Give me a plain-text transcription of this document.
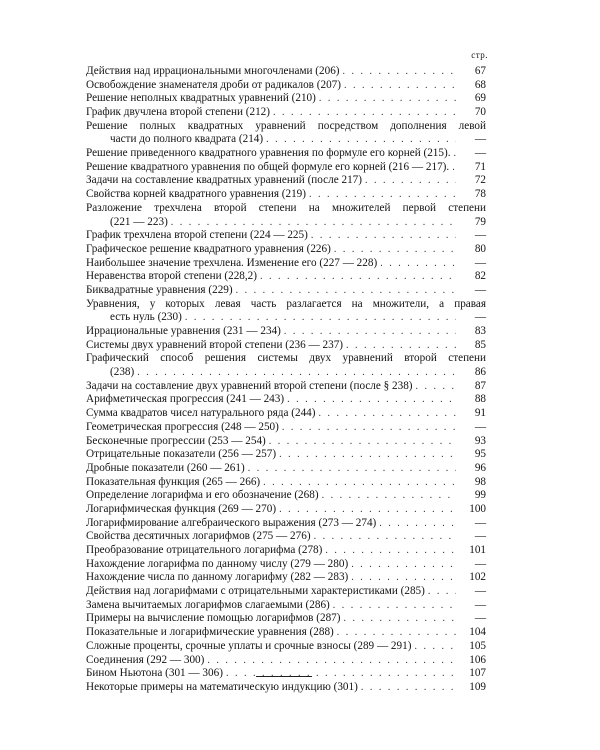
стр.
Действия над иррациональными многочленами (206) . . .	67
Освобождение знаменателя дроби от радикалов (207) . . .	68
Решение неполных квадратных уравнений (210) . . .	69
График двучлена второй степени (212) . . .	70
Решение полных квадратных уравнений посредством дополнения левой
части до полного квадрата (214) . . .	—
Решение приведенного квадратного уравнения по формуле его корней (215). . . .	—
Решение квадратного уравнения по общей формуле его корней (216 — 217). . . .	71
Задачи на составление квадратных уравнений (после 217) . . .	72
Свойства корней квадратного уравнения (219) . . .	78
Разложение трехчлена второй степени на множителей первой степени
(221 — 223) . . .	79
График трехчлена второй степени (224 — 225) . . .	—
Графическое решение квадратного уравнения (226) . . .	80
Наибольшее значение трехчлена. Изменение его (227 — 228) . . .	—
Неравенства второй степени (228,2) . . .	82
Биквадратные уравнения (229) . . .	—
Уравнения, у которых левая часть разлагается на множители, а правая
есть нуль (230) . . .	—
Иррациональные уравнения (231 — 234) . . .	83
Системы двух уравнений второй степени (236 — 237) . . .	85
Графический способ решения системы двух уравнений второй степени
(238) . . .	86
Задачи на составление двух уравнений второй степени (после § 238) . . .	87
Арифметическая прогрессия (241 — 243) . . .	88
Сумма квадратов чисел натурального ряда (244) . . .	91
Геометрическая прогрессия (248 — 250) . . .	—
Бесконечные прогрессии (253 — 254) . . .	93
Отрицательные показатели (256 — 257) . . .	95
Дробные показатели (260 — 261) . . .	96
Показательная функция (265 — 266) . . .	98
Определение логарифма и его обозначение (268) . . .	99
Логарифмическая функция (269 — 270) . . .	100
Логарифмирование алгебраического выражения (273 — 274) . . .	—
Свойства десятичных логарифмов (275 — 276) . . .	—
Преобразование отрицательного логарифма (278) . . .	101
Нахождение логарифма по данному числу (279 — 280) . . .	—
Нахождение числа по данному логарифму (282 — 283) . . .	102
Действия над логарифмами с отрицательными характеристиками (285) . . .	—
Замена вычитаемых логарифмов слагаемыми (286) . . .	—
Примеры на вычисление помощью логарифмов (287) . . .	—
Показательные и логарифмические уравнения (288) . . .	104
Сложные проценты, срочные уплаты и срочные взносы (289 — 291) . . .	105
Соединения (292 — 300) . . .	106
Бином Ньютона (301 — 306) . . .	107
Некоторые примеры на математическую индукцию (301) . . .	109
